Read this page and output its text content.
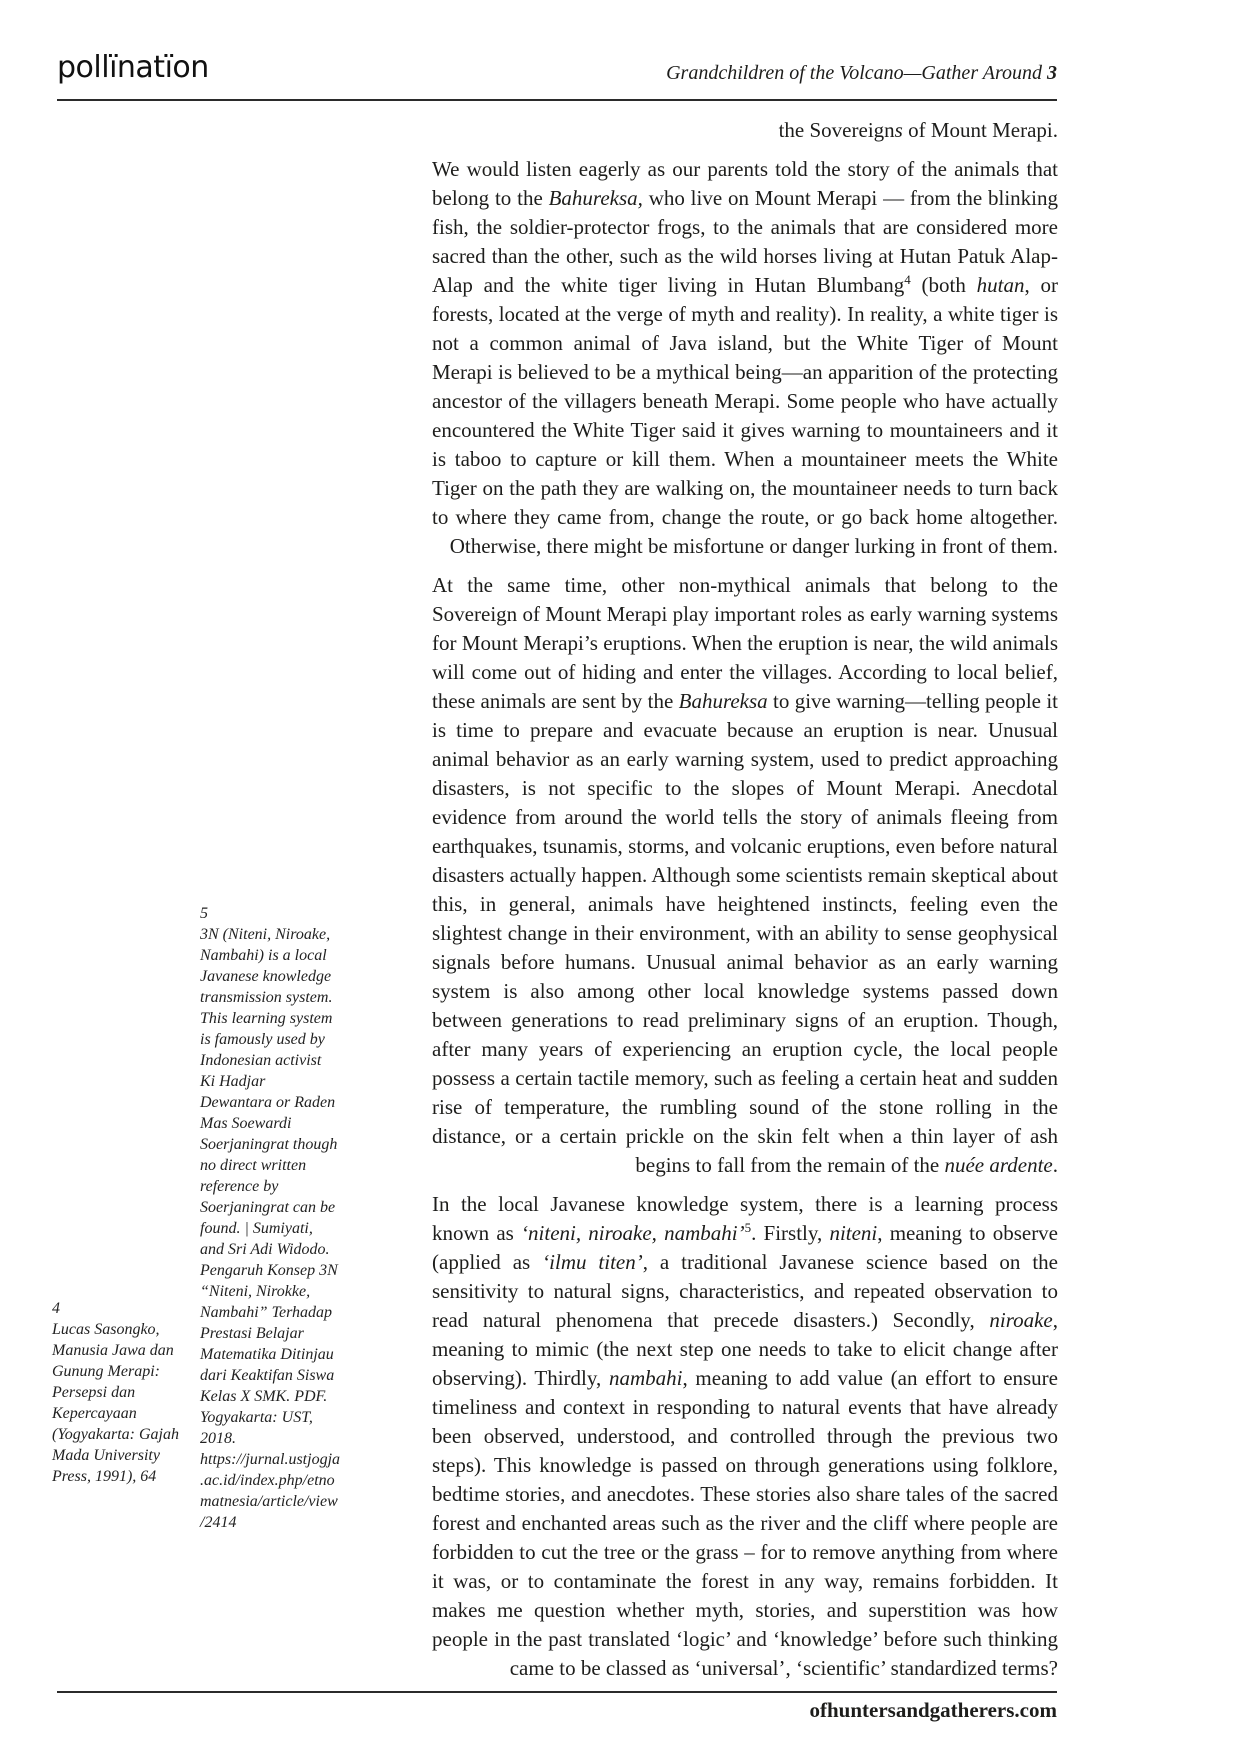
pollïnatïon	Grandchildren of the Volcano—Gather Around 3
the Sovereigns of Mount Merapi.

We would listen eagerly as our parents told the story of the animals that belong to the Bahureksa, who live on Mount Merapi — from the blinking fish, the soldier-protector frogs, to the animals that are considered more sacred than the other, such as the wild horses living at Hutan Patuk Alap-Alap and the white tiger living in Hutan Blumbang$^4$ (both hutan, or forests, located at the verge of myth and reality). In reality, a white tiger is not a common animal of Java island, but the White Tiger of Mount Merapi is believed to be a mythical being—an apparition of the protecting ancestor of the villagers beneath Merapi. Some people who have actually encountered the White Tiger said it gives warning to mountaineers and it is taboo to capture or kill them. When a mountaineer meets the White Tiger on the path they are walking on, the mountaineer needs to turn back to where they came from, change the route, or go back home altogether. Otherwise, there might be misfortune or danger lurking in front of them.

At the same time, other non-mythical animals that belong to the Sovereign of Mount Merapi play important roles as early warning systems for Mount Merapi’s eruptions. When the eruption is near, the wild animals will come out of hiding and enter the villages. According to local belief, these animals are sent by the Bahureksa to give warning—telling people it is time to prepare and evacuate because an eruption is near. Unusual animal behavior as an early warning system, used to predict approaching disasters, is not specific to the slopes of Mount Merapi. Anecdotal evidence from around the world tells the story of animals fleeing from earthquakes, tsunamis, storms, and volcanic eruptions, even before natural disasters actually happen. Although some scientists remain skeptical about this, in general, animals have heightened instincts, feeling even the slightest change in their environment, with an ability to sense geophysical signals before humans. Unusual animal behavior as an early warning system is also among other local knowledge systems passed down between generations to read preliminary signs of an eruption. Though, after many years of experiencing an eruption cycle, the local people possess a certain tactile memory, such as feeling a certain heat and sudden rise of temperature, the rumbling sound of the stone rolling in the distance, or a certain prickle on the skin felt when a thin layer of ash begins to fall from the remain of the nuée ardente.

In the local Javanese knowledge system, there is a learning process known as ‘niteni, niroake, nambahi’$^5$. Firstly, niteni, meaning to observe (applied as ‘ilmu titen’, a traditional Javanese science based on the sensitivity to natural signs, characteristics, and repeated observation to read natural phenomena that precede disasters.) Secondly, niroake, meaning to mimic (the next step one needs to take to elicit change after observing). Thirdly, nambahi, meaning to add value (an effort to ensure timeliness and context in responding to natural events that have already been observed, understood, and controlled through the previous two steps). This knowledge is passed on through generations using folklore, bedtime stories, and anecdotes. These stories also share tales of the sacred forest and enchanted areas such as the river and the cliff where people are forbidden to cut the tree or the grass – for to remove anything from where it was, or to contaminate the forest in any way, remains forbidden. It makes me question whether myth, stories, and superstition was how people in the past translated ‘logic’ and ‘knowledge’ before such thinking came to be classed as ‘universal’, ‘scientific’ standardized terms?

5
3N (Niteni, Niroake, Nambahi) is a local Javanese knowledge transmission system. This learning system is famously used by Indonesian activist Ki Hadjar Dewantara or Raden Mas Soewardi Soerjaningrat though no direct written reference by Soerjaningrat can be found. | Sumiyati, and Sri Adi Widodo. Pengaruh Konsep 3N “Niteni, Nirokke, Nambahi” Terhadap Prestasi Belajar Matematika Ditinjau dari Keaktifan Siswa Kelas X SMK. PDF. Yogyakarta: UST, 2018. https://jurnal.ustjogja.ac.id/index.php/etnomatnesia/article/view/2414
4
Lucas Sasongko, Manusia Jawa dan Gunung Merapi: Persepsi dan Kepercayaan (Yogyakarta: Gajah Mada University Press, 1991), 64
ofhuntersandgatherers.com
